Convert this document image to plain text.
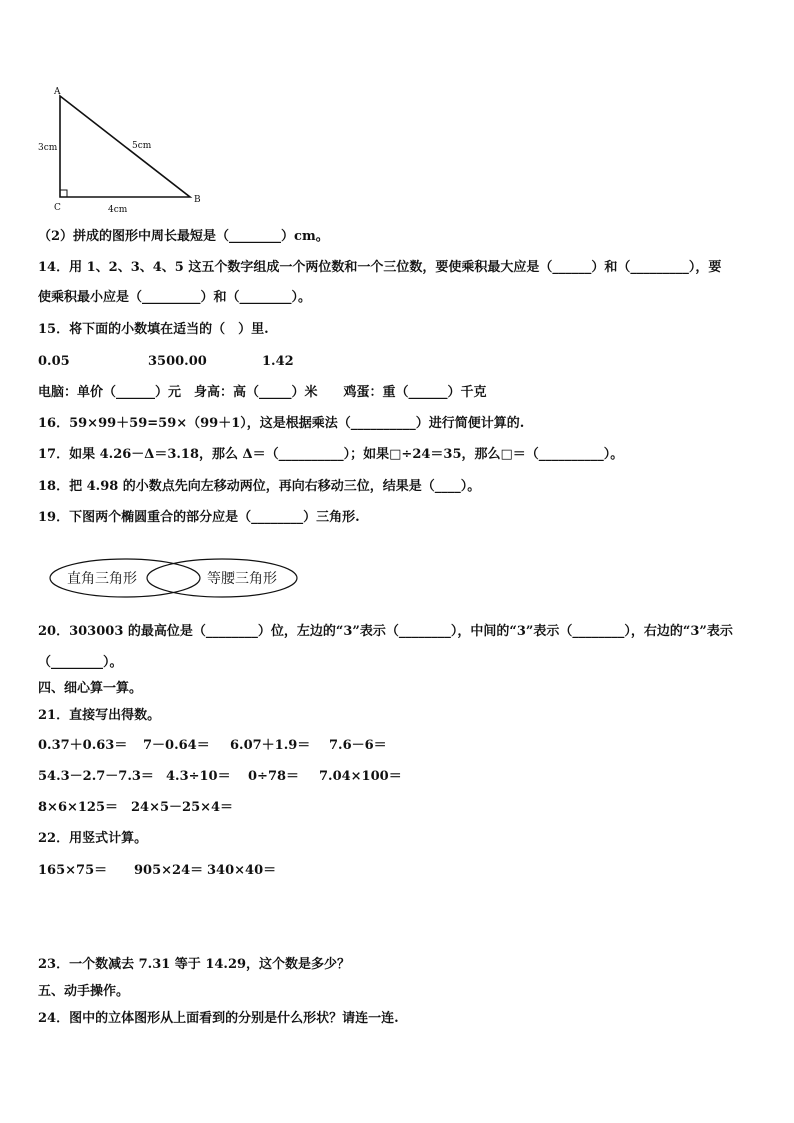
A
B
C
3cm	5cm
4cm
（2）拼成的图形中周长最短是（________）cm。
14．用 1、2、3、4、5 这五个数字组成一个两位数和一个三位数，要使乘积最大应是（______）和（_________），要
使乘积最小应是（_________）和（________）。
15．将下面的小数填在适当的（　）里.
0.05	3500.00	1.42
电脑：单价（______）元　身高：高（_____）米　　鸡蛋：重（______）千克
16．59×99＋59=59×（99＋1），这是根据乘法（__________）进行简便计算的.
17．如果 4.26－Δ＝3.18，那么 Δ＝（__________）；如果□÷24＝35，那么□＝（__________）。
18．把 4.98 的小数点先向左移动两位，再向右移动三位，结果是（____）。
19．下图两个椭圆重合的部分应是（________）三角形.
直角三角形	等腰三角形
20．303003 的最高位是（________）位，左边的“3”表示（________），中间的“3”表示（________），右边的“3”表示
（________）。
四、细心算一算。
21．直接写出得数。
0.37＋0.63＝ 7－0.64＝ 6.07＋1.9＝ 7.6－6＝
54.3－2.7－7.3＝ 4.3÷10＝ 0÷78＝ 7.04×100＝
8×6×125＝ 24×5－25×4＝
22．用竖式计算。
165×75＝ 905×24＝ 340×40＝
23．一个数减去 7.31 等于 14.29，这个数是多少？
五、动手操作。
24．图中的立体图形从上面看到的分别是什么形状？请连一连.
